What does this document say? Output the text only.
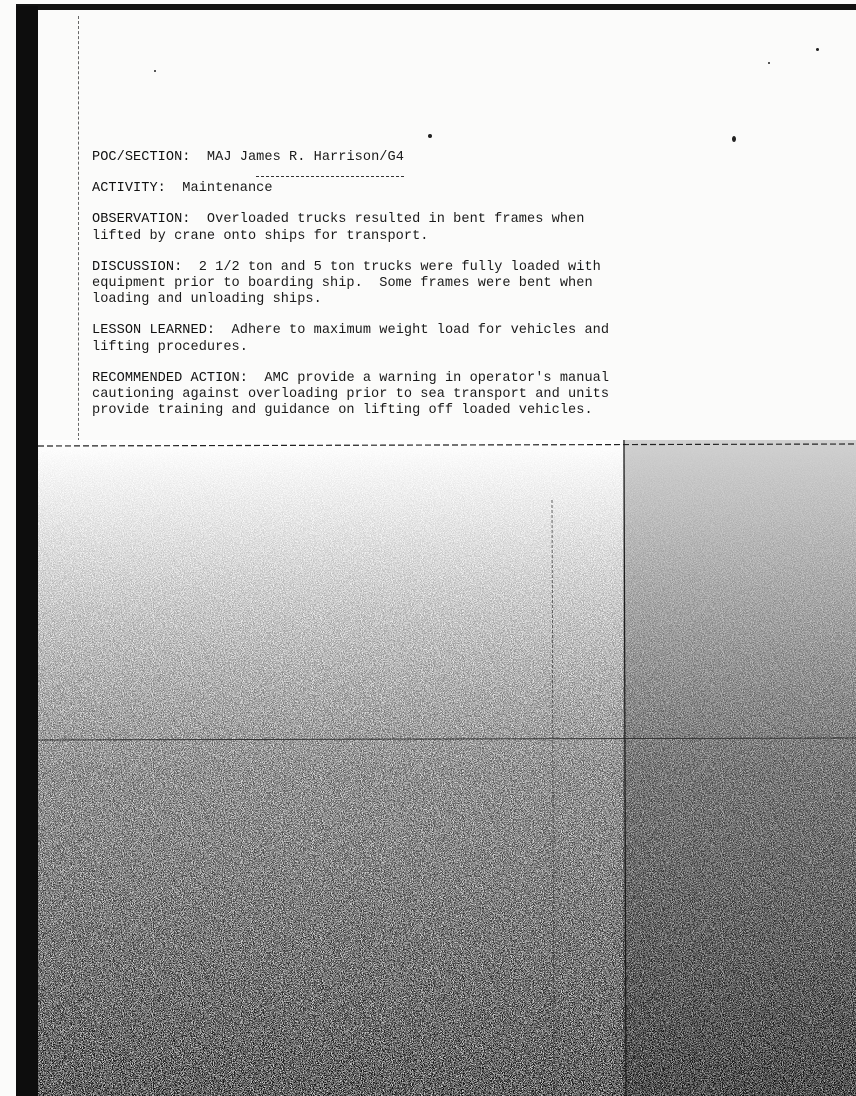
POC/SECTION: MAJ James R. Harrison/G4
ACTIVITY: Maintenance
OBSERVATION: Overloaded trucks resulted in bent frames when
lifted by crane onto ships for transport.
DISCUSSION: 2 1/2 ton and 5 ton trucks were fully loaded with
equipment prior to boarding ship.  Some frames were bent when
loading and unloading ships.
LESSON LEARNED: Adhere to maximum weight load for vehicles and
lifting procedures.
RECOMMENDED ACTION: AMC provide a warning in operator's manual
cautioning against overloading prior to sea transport and units
provide training and guidance on lifting off loaded vehicles.
